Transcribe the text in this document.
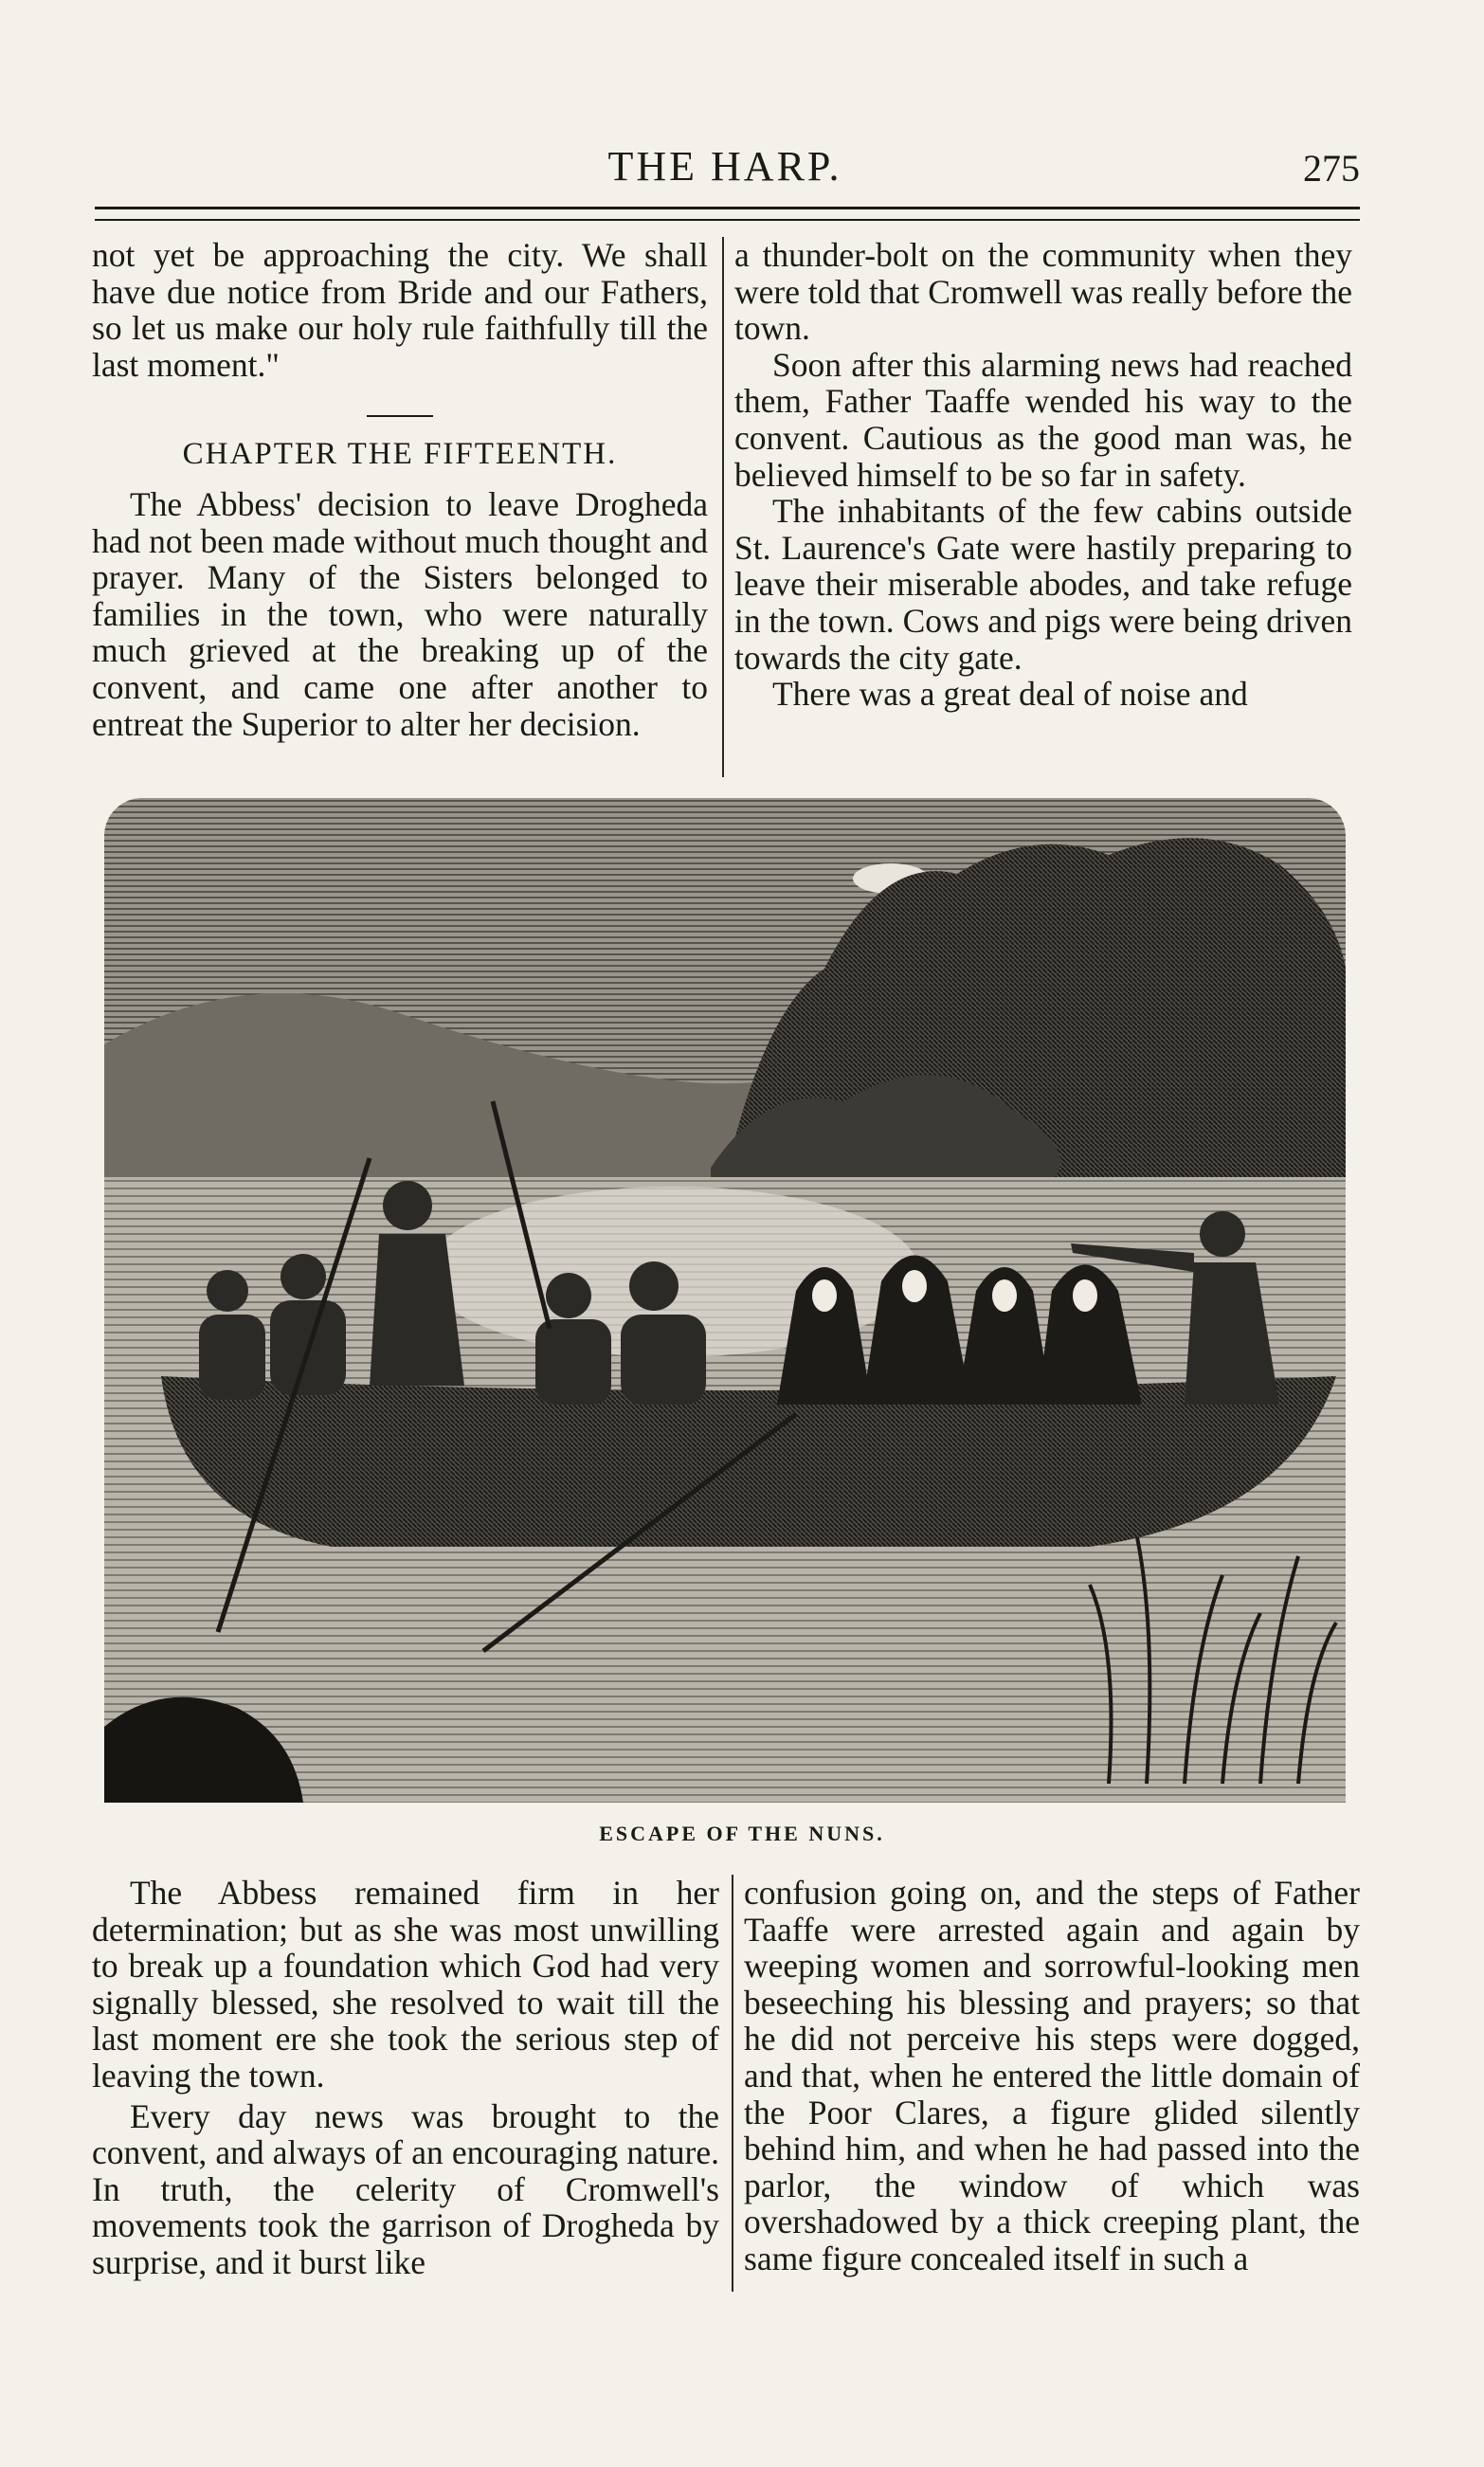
THE HARP.	275

not yet be approaching the city. We shall have due notice from Bride and our Fathers, so let us make our holy rule faithfully till the last moment."

CHAPTER THE FIFTEENTH.

The Abbess' decision to leave Drogheda had not been made without much thought and prayer. Many of the Sisters belonged to families in the town, who were naturally much grieved at the breaking up of the convent, and came one after another to entreat the Superior to alter her decision.

a thunder-bolt on the community when they were told that Cromwell was really before the town.

Soon after this alarming news had reached them, Father Taaffe wended his way to the convent. Cautious as the good man was, he believed himself to be so far in safety.

The inhabitants of the few cabins outside St. Laurence's Gate were hastily preparing to leave their miserable abodes, and take refuge in the town. Cows and pigs were being driven towards the city gate.

There was a great deal of noise and

ESCAPE OF THE NUNS.

The Abbess remained firm in her determination; but as she was most unwilling to break up a foundation which God had very signally blessed, she resolved to wait till the last moment ere she took the serious step of leaving the town.

Every day news was brought to the convent, and always of an encouraging nature. In truth, the celerity of Cromwell's movements took the garrison of Drogheda by surprise, and it burst like

confusion going on, and the steps of Father Taaffe were arrested again and again by weeping women and sorrowful-looking men beseeching his blessing and prayers; so that he did not perceive his steps were dogged, and that, when he entered the little domain of the Poor Clares, a figure glided silently behind him, and when he had passed into the parlor, the window of which was overshadowed by a thick creeping plant, the same figure concealed itself in such a
